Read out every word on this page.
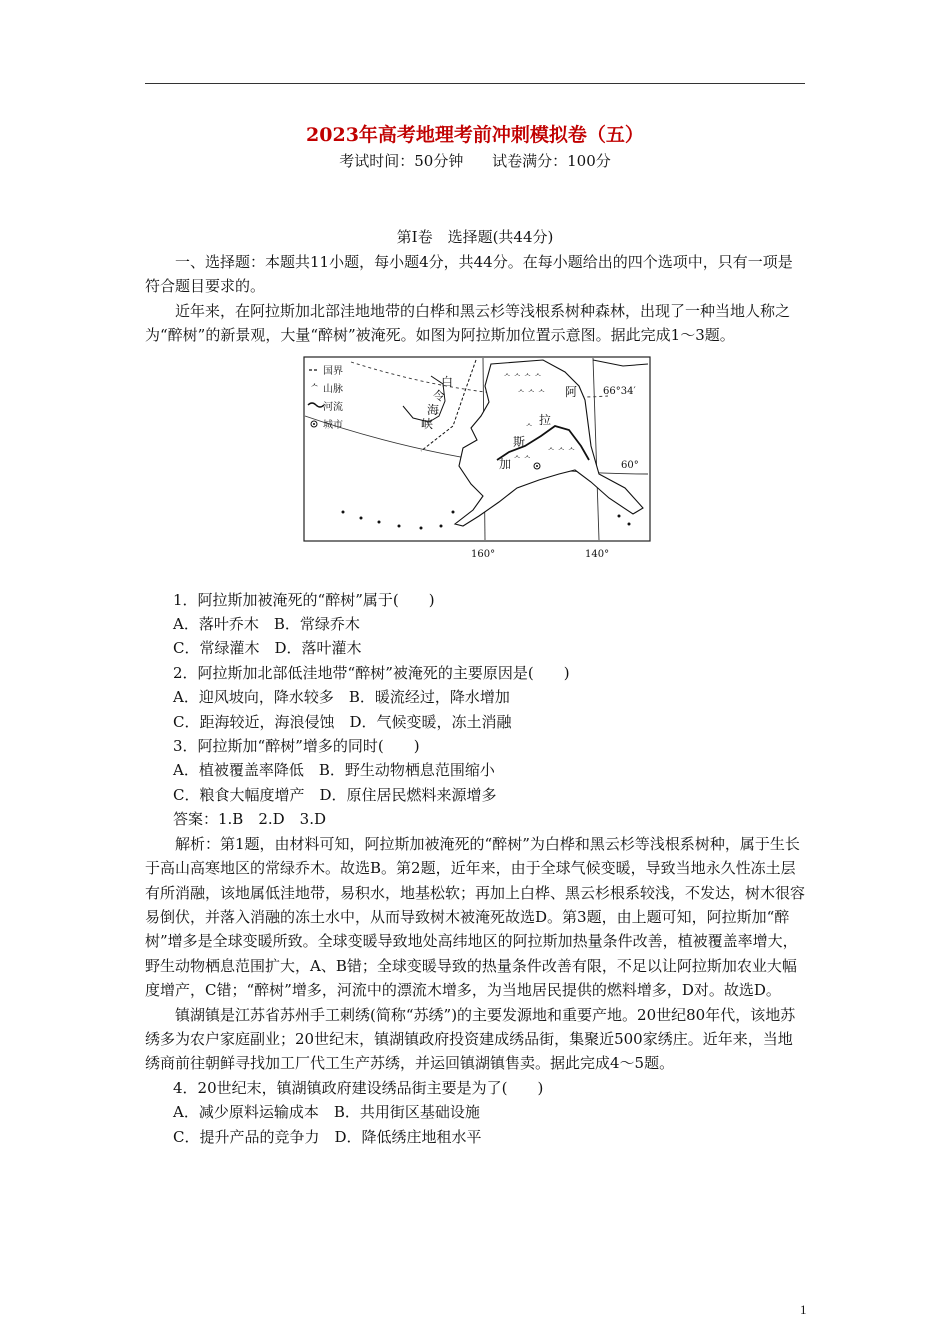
2023年高考地理考前冲刺模拟卷（五）
考试时间：50分钟 试卷满分：100分
第Ⅰ卷　选择题(共44分)

一、选择题：本题共11小题，每小题4分，共44分。在每小题给出的四个选项中，只有一项是符合题目要求的。

近年来，在阿拉斯加北部洼地地带的白桦和黑云杉等浅根系树种森林，出现了一种当地人称之为“醉树”的新景观，大量“醉树”被淹死。如图为阿拉斯加位置示意图。据此完成1～3题。

国界
ᄉ 山脉
河流
城市
ᄉ ᄉ ᄉ ᄉ
ᄉ ᄉ ᄉ
ᄉ
ᄉ ᄉ ᄉ
ᄉ ᄉ
白
令
海
峡
阿
拉
斯
加
66°34′
60°
160°	140°

1．阿拉斯加被淹死的“醉树”属于(　　)

A．落叶乔木　B．常绿乔木

C．常绿灌木　D．落叶灌木

2．阿拉斯加北部低洼地带“醉树”被淹死的主要原因是(　　)

A．迎风坡向，降水较多　B．暖流经过，降水增加

C．距海较近，海浪侵蚀　D．气候变暖，冻土消融

3．阿拉斯加“醉树”增多的同时(　　)

A．植被覆盖率降低　B．野生动物栖息范围缩小

C．粮食大幅度增产　D．原住居民燃料来源增多

答案：1.B　2.D　3.D

解析：第1题，由材料可知，阿拉斯加被淹死的“醉树”为白桦和黑云杉等浅根系树种，属于生长于高山高寒地区的常绿乔木。故选B。第2题，近年来，由于全球气候变暖，导致当地永久性冻土层有所消融，该地属低洼地带，易积水，地基松软；再加上白桦、黑云杉根系较浅，不发达，树木很容易倒伏，并落入消融的冻土水中，从而导致树木被淹死故选D。第3题，由上题可知，阿拉斯加“醉树”增多是全球变暖所致。全球变暖导致地处高纬地区的阿拉斯加热量条件改善，植被覆盖率增大，野生动物栖息范围扩大，A、B错；全球变暖导致的热量条件改善有限，不足以让阿拉斯加农业大幅度增产，C错；“醉树”增多，河流中的漂流木增多，为当地居民提供的燃料增多，D对。故选D。

镇湖镇是江苏省苏州手工刺绣(简称“苏绣”)的主要发源地和重要产地。20世纪80年代，该地苏绣多为农户家庭副业；20世纪末，镇湖镇政府投资建成绣品街，集聚近500家绣庄。近年来，当地绣商前往朝鲜寻找加工厂代工生产苏绣，并运回镇湖镇售卖。据此完成4～5题。

4．20世纪末，镇湖镇政府建设绣品街主要是为了(　　)

A．减少原料运输成本　B．共用街区基础设施

C．提升产品的竞争力　D．降低绣庄地租水平

1
